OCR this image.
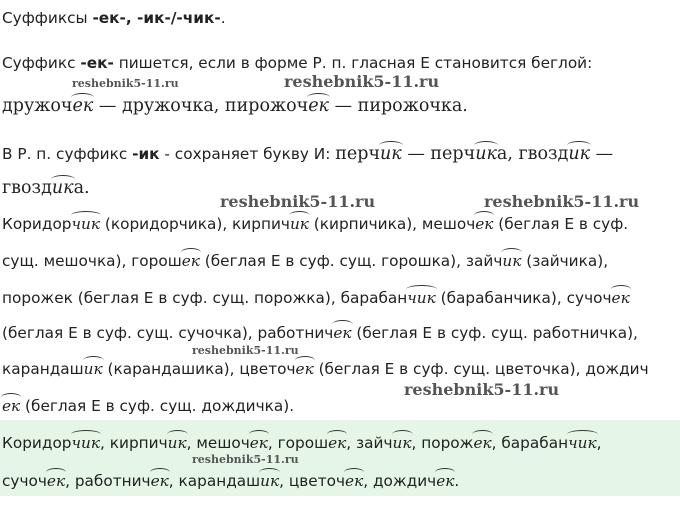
Суффиксы -ек-, -ик-/-чик-.
Суффикс -ек- пишется, если в форме Р. п. гласная Е становится беглой:
дружочек — дружочка, пирожочек — пирожочка.
В Р. п. суффикс -ик - сохраняет букву И: перчик — перчика, гвоздик —
гвоздика.
Коридорчик (коридорчика), кирпичик (кирпичика), мешочек (беглая Е в суф.
сущ. мешочка), горошек (беглая Е в суф. сущ. горошка), зайчик (зайчика),
порожек (беглая Е в суф. сущ. порожка), барабанчик (барабанчика), сучочек
(беглая Е в суф. сущ. сучочка), работничек (беглая Е в суф. сущ. работничка),
карандашик (карандашика), цветочек (беглая Е в суф. сущ. цветочка), дождич
ек (беглая Е в суф. сущ. дождичка).
Коридорчик, кирпичик, мешочек, горошек, зайчик, порожек, барабанчик,
сучочек, работничек, карандашик, цветочек, дождичек.
reshebnik5-11.ru	reshebnik5-11.ru
reshebnik5-11.ru	reshebnik5-11.ru
reshebnik5-11.ru
reshebnik5-11.ru
reshebnik5-11.ru
